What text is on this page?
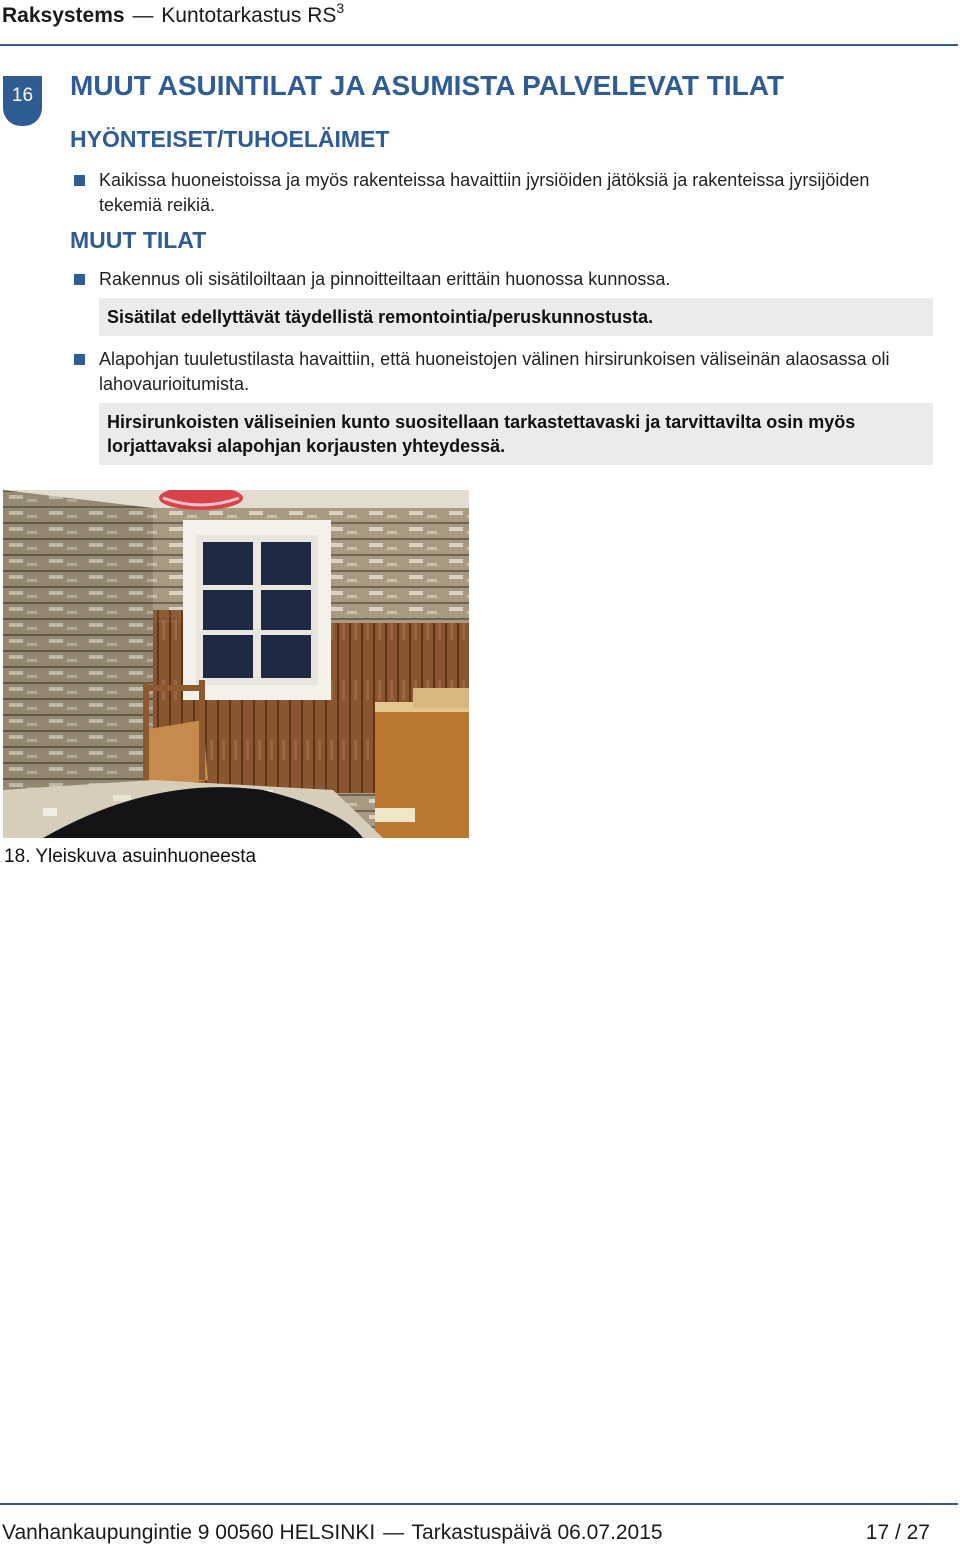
Raksystems — Kuntotarkastus $RS^3$
16	MUUT ASUINTILAT JA ASUMISTA PALVELEVAT TILAT
HYÖNTEISET/TUHOELÄIMET
Kaikissa huoneistoissa ja myös rakenteissa havaittiin jyrsiöiden jätöksiä ja rakenteissa jyrsijöiden tekemiä reikiä.
MUUT TILAT
Rakennus oli sisätiloiltaan ja pinnoitteiltaan erittäin huonossa kunnossa.
Sisätilat edellyttävät täydellistä remontointia/peruskunnostusta.
Alapohjan tuuletustilasta havaittiin, että huoneistojen välinen hirsirunkoisen väliseinän alaosassa oli lahovaurioitumista.
Hirsirunkoisten väliseinien kunto suositellaan tarkastettavaski ja tarvittavilta osin myös lorjattavaksi alapohjan korjausten yhteydessä.
18. Yleiskuva asuinhuoneesta
Vanhankaupungintie 9 00560 HELSINKI — Tarkastuspäivä 06.07.2015	17 / 27
